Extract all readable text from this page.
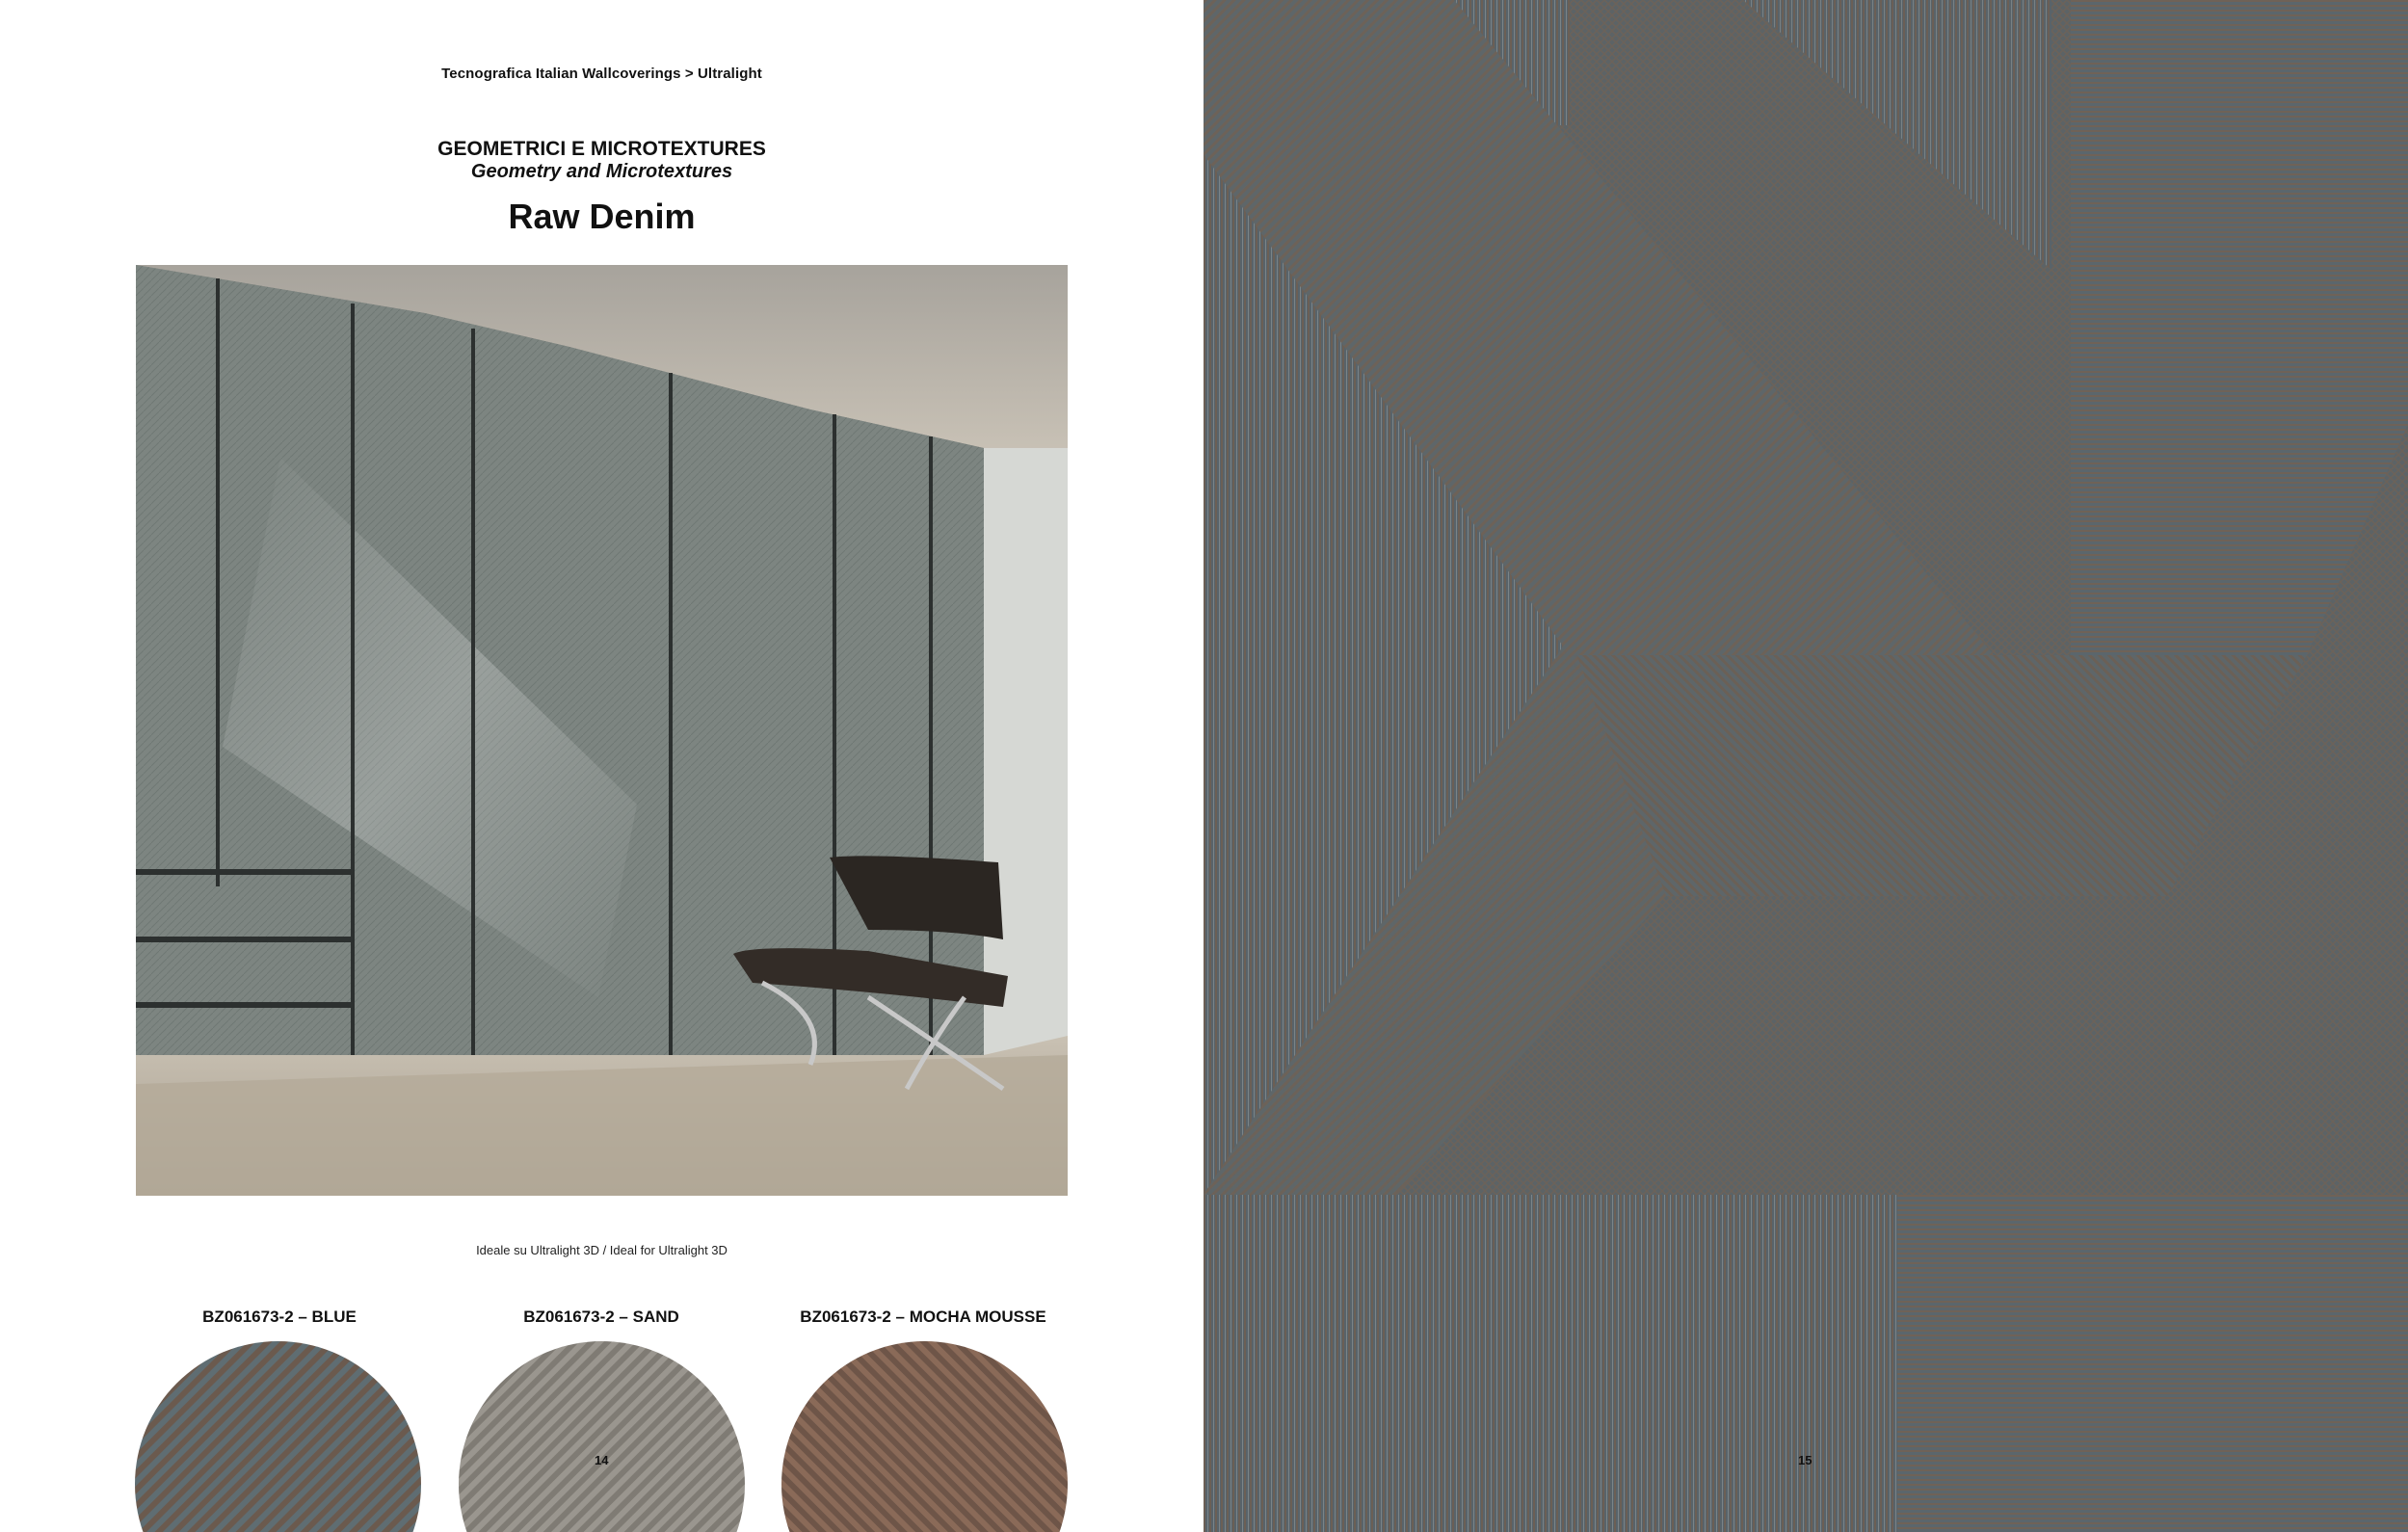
Tecnografica Italian Wallcoverings > Ultralight
GEOMETRICI E MICROTEXTURES
Geometry and Microtextures
Raw Denim
Ideale su Ultralight 3D / Ideal for Ultralight 3D
BZ061673-2 – BLUE	BZ061673-2 – SAND	BZ061673-2 – MOCHA MOUSSE
14	15
